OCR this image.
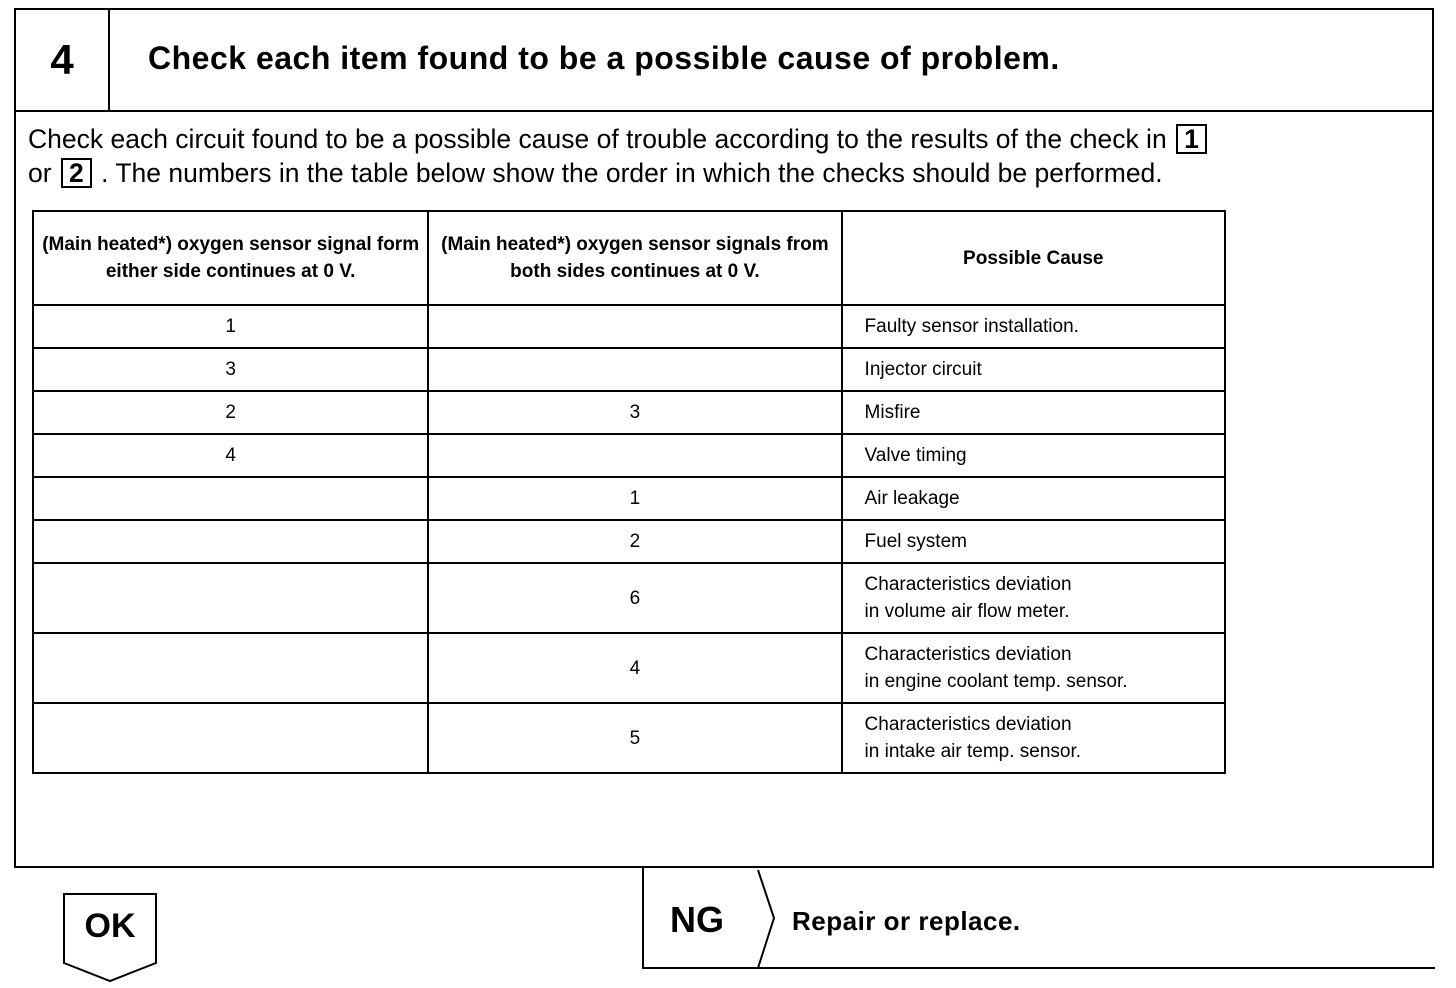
4	Check each item found to be a possible cause of problem.
Check each circuit found to be a possible cause of trouble according to the results of the check in 1
or 2 . The numbers in the table below show the order in which the checks should be performed.
(Main heated*) oxygen sensor signal form either side continues at 0 V.	(Main heated*) oxygen sensor signals from both sides continues at 0 V.	Possible Cause
1		Faulty sensor installation.
3		Injector circuit
2	3	Misfire
4		Valve timing
	1	Air leakage
	2	Fuel system
	6	Characteristics deviation
in volume air flow meter.
	4	Characteristics deviation
in engine coolant temp. sensor.
	5	Characteristics deviation
in intake air temp. sensor.
OK	NG	Repair or replace.
